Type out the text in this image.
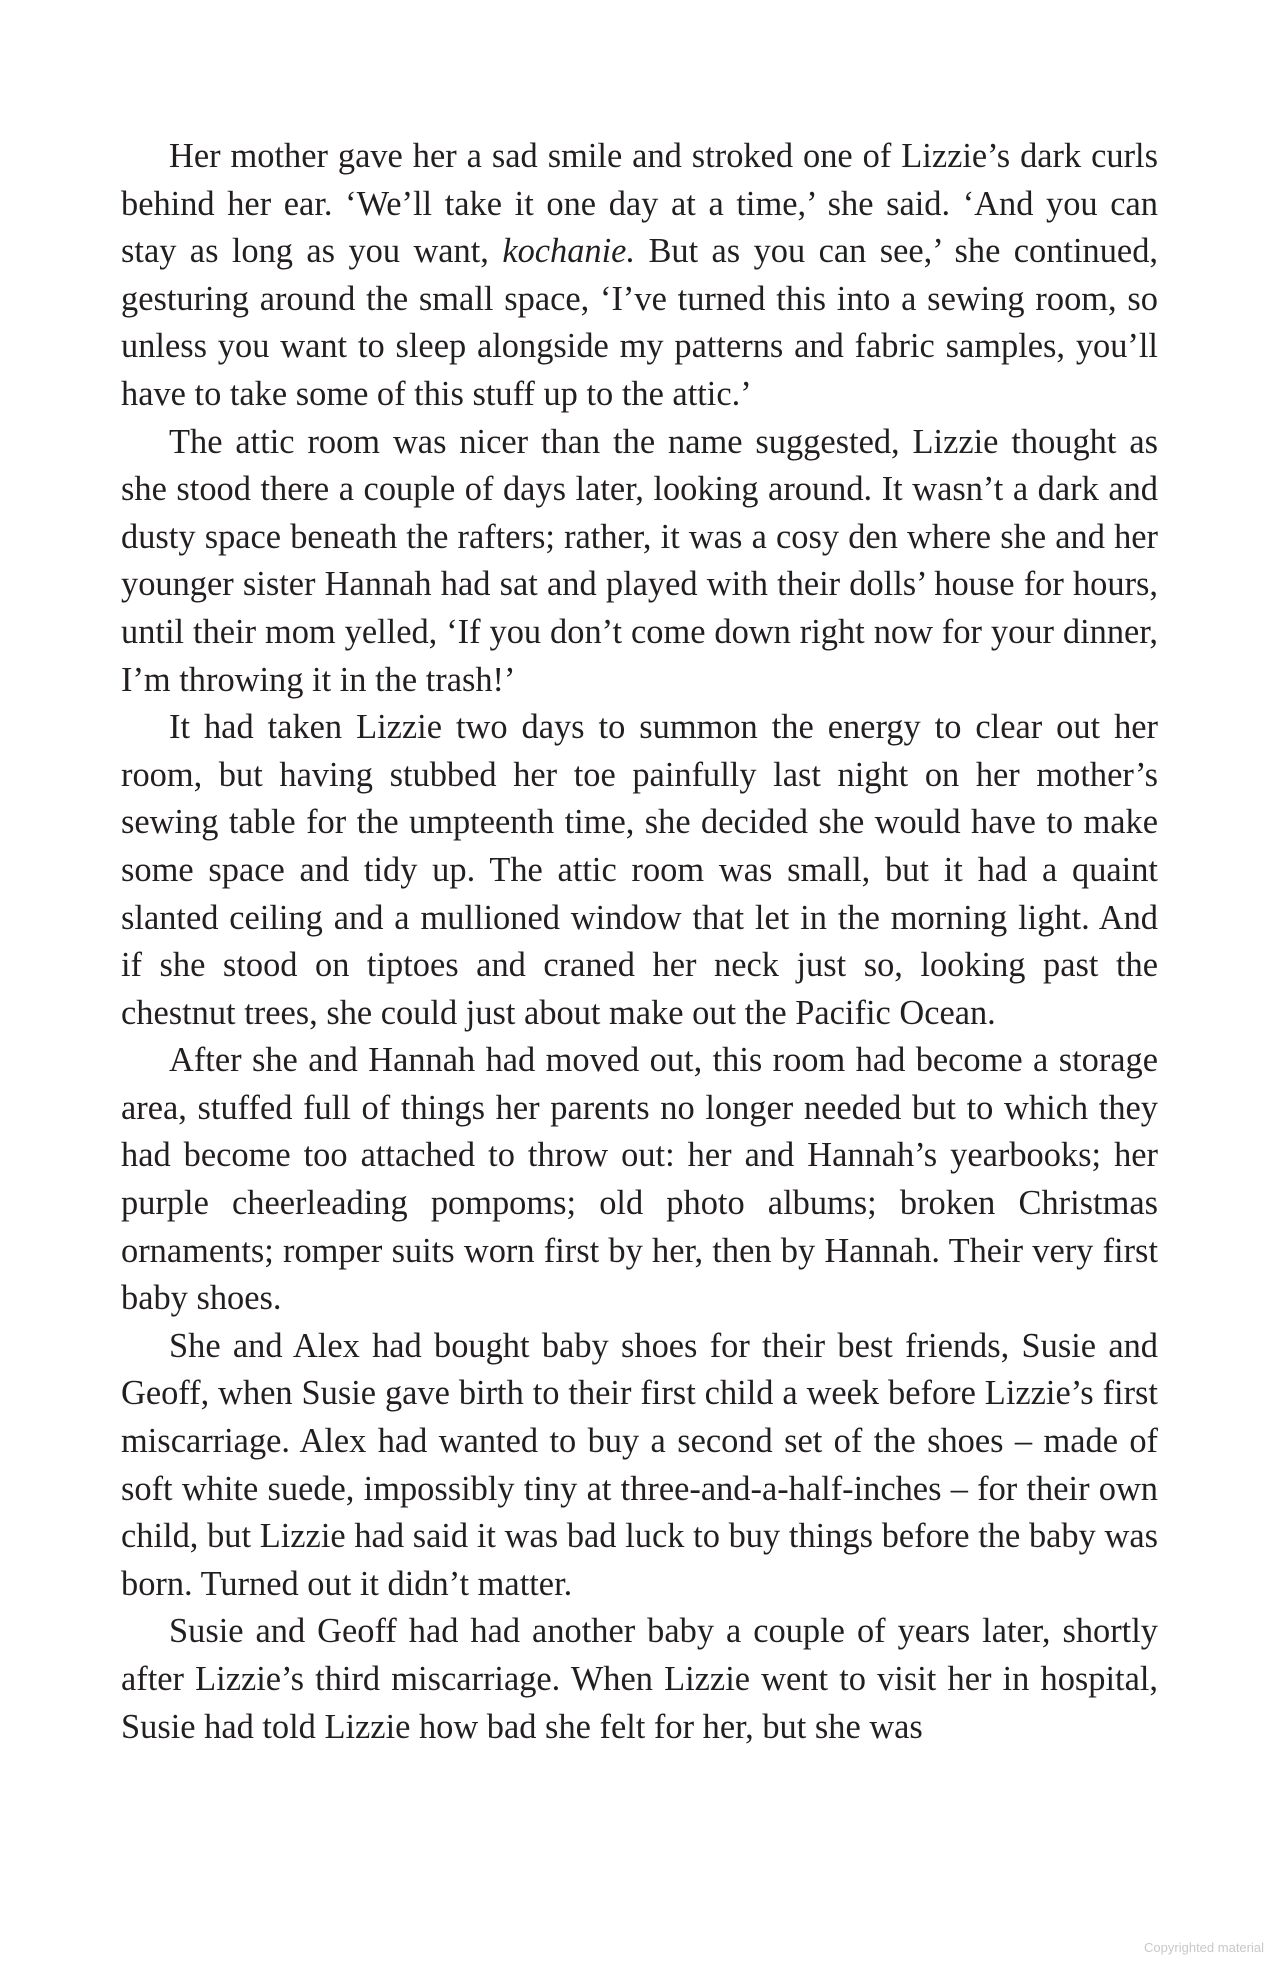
Her mother gave her a sad smile and stroked one of Lizzie’s dark curls behind her ear. ‘We’ll take it one day at a time,’ she said. ‘And you can stay as long as you want, kochanie. But as you can see,’ she continued, gesturing around the small space, ‘I’ve turned this into a sewing room, so unless you want to sleep alongside my patterns and fabric samples, you’ll have to take some of this stuff up to the attic.’

The attic room was nicer than the name suggested, Lizzie thought as she stood there a couple of days later, looking around. It wasn’t a dark and dusty space beneath the rafters; rather, it was a cosy den where she and her younger sister Hannah had sat and played with their dolls’ house for hours, until their mom yelled, ‘If you don’t come down right now for your dinner, I’m throwing it in the trash!’

It had taken Lizzie two days to summon the energy to clear out her room, but having stubbed her toe painfully last night on her mother’s sewing table for the umpteenth time, she decided she would have to make some space and tidy up. The attic room was small, but it had a quaint slanted ceiling and a mullioned window that let in the morning light. And if she stood on tiptoes and craned her neck just so, looking past the chestnut trees, she could just about make out the Pacific Ocean.

After she and Hannah had moved out, this room had become a storage area, stuffed full of things her parents no longer needed but to which they had become too attached to throw out: her and Hannah’s yearbooks; her purple cheerleading pompoms; old photo albums; broken Christmas ornaments; romper suits worn first by her, then by Hannah. Their very first baby shoes.

She and Alex had bought baby shoes for their best friends, Susie and Geoff, when Susie gave birth to their first child a week before Lizzie’s first miscarriage. Alex had wanted to buy a second set of the shoes – made of soft white suede, impossibly tiny at three-and-a-half-inches – for their own child, but Lizzie had said it was bad luck to buy things before the baby was born. Turned out it didn’t matter.

Susie and Geoff had had another baby a couple of years later, shortly after Lizzie’s third miscarriage. When Lizzie went to visit her in hospital, Susie had told Lizzie how bad she felt for her, but she was

Copyrighted material
